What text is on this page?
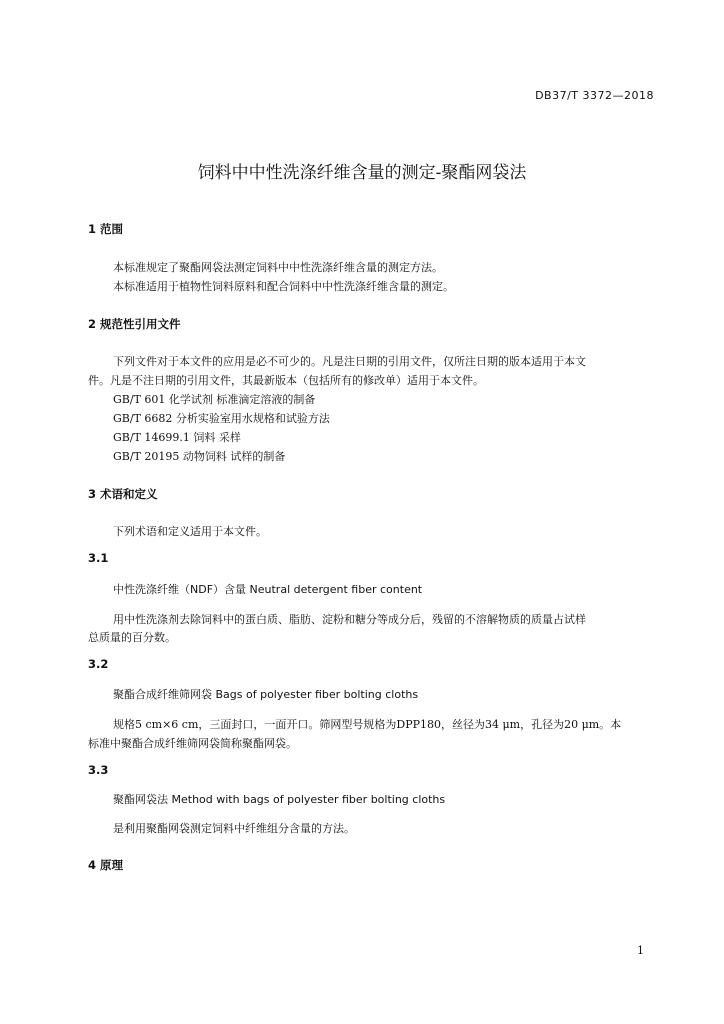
DB37/T 3372—2018
饲料中中性洗涤纤维含量的测定-聚酯网袋法
1 范围
本标准规定了聚酯网袋法测定饲料中中性洗涤纤维含量的测定方法。
本标准适用于植物性饲料原料和配合饲料中中性洗涤纤维含量的测定。
2 规范性引用文件
下列文件对于本文件的应用是必不可少的。凡是注日期的引用文件，仅所注日期的版本适用于本文
件。凡是不注日期的引用文件，其最新版本（包括所有的修改单）适用于本文件。
GB/T 601 化学试剂 标准滴定溶液的制备
GB/T 6682 分析实验室用水规格和试验方法
GB/T 14699.1 饲料 采样
GB/T 20195 动物饲料 试样的制备
3 术语和定义
下列术语和定义适用于本文件。
3.1
中性洗涤纤维（NDF）含量 Neutral detergent fiber content
用中性洗涤剂去除饲料中的蛋白质、脂肪、淀粉和糖分等成分后，残留的不溶解物质的质量占试样
总质量的百分数。
3.2
聚酯合成纤维筛网袋 Bags of polyester fiber bolting cloths
规格5 cm×6 cm，三面封口，一面开口。筛网型号规格为DPP180，丝径为34 μm，孔径为20 μm。本
标准中聚酯合成纤维筛网袋简称聚酯网袋。
3.3
聚酯网袋法 Method with bags of polyester fiber bolting cloths
是利用聚酯网袋测定饲料中纤维组分含量的方法。
4 原理
1
